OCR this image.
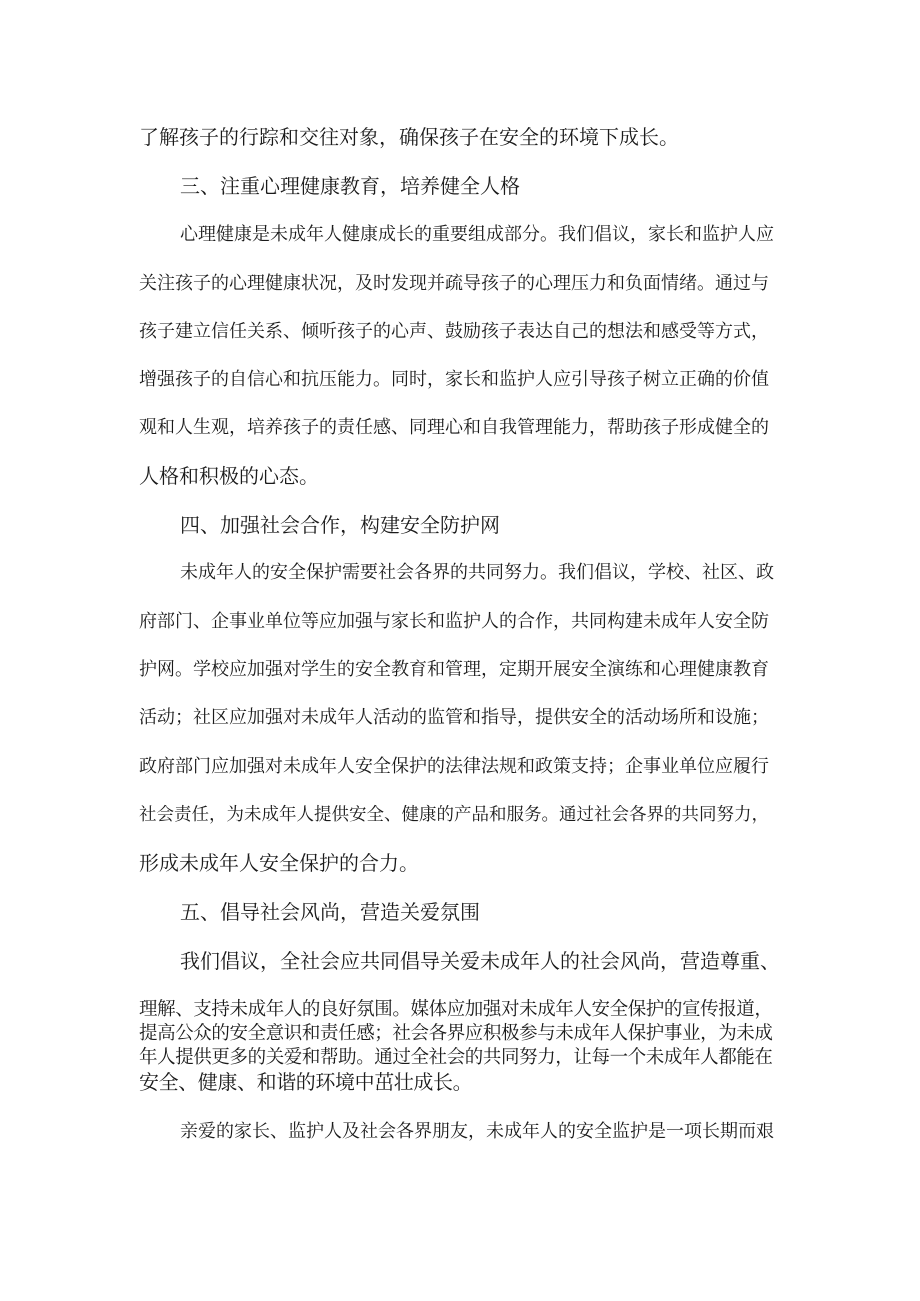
了解孩子的行踪和交往对象，确保孩子在安全的环境下成长。
三、注重心理健康教育，培养健全人格
心理健康是未成年人健康成长的重要组成部分。我们倡议，家长和监护人应
关注孩子的心理健康状况，及时发现并疏导孩子的心理压力和负面情绪。通过与
孩子建立信任关系、倾听孩子的心声、鼓励孩子表达自己的想法和感受等方式，
增强孩子的自信心和抗压能力。同时，家长和监护人应引导孩子树立正确的价值
观和人生观，培养孩子的责任感、同理心和自我管理能力，帮助孩子形成健全的
人格和积极的心态。
四、加强社会合作，构建安全防护网
未成年人的安全保护需要社会各界的共同努力。我们倡议，学校、社区、政
府部门、企事业单位等应加强与家长和监护人的合作，共同构建未成年人安全防
护网。学校应加强对学生的安全教育和管理，定期开展安全演练和心理健康教育
活动；社区应加强对未成年人活动的监管和指导，提供安全的活动场所和设施；
政府部门应加强对未成年人安全保护的法律法规和政策支持；企事业单位应履行
社会责任，为未成年人提供安全、健康的产品和服务。通过社会各界的共同努力，
形成未成年人安全保护的合力。
五、倡导社会风尚，营造关爱氛围
我们倡议，全社会应共同倡导关爱未成年人的社会风尚，营造尊重、
理解、支持未成年人的良好氛围。媒体应加强对未成年人安全保护的宣传报道，
提高公众的安全意识和责任感；社会各界应积极参与未成年人保护事业，为未成
年人提供更多的关爱和帮助。通过全社会的共同努力，让每一个未成年人都能在
安全、健康、和谐的环境中茁壮成长。
亲爱的家长、监护人及社会各界朋友，未成年人的安全监护是一项长期而艰
